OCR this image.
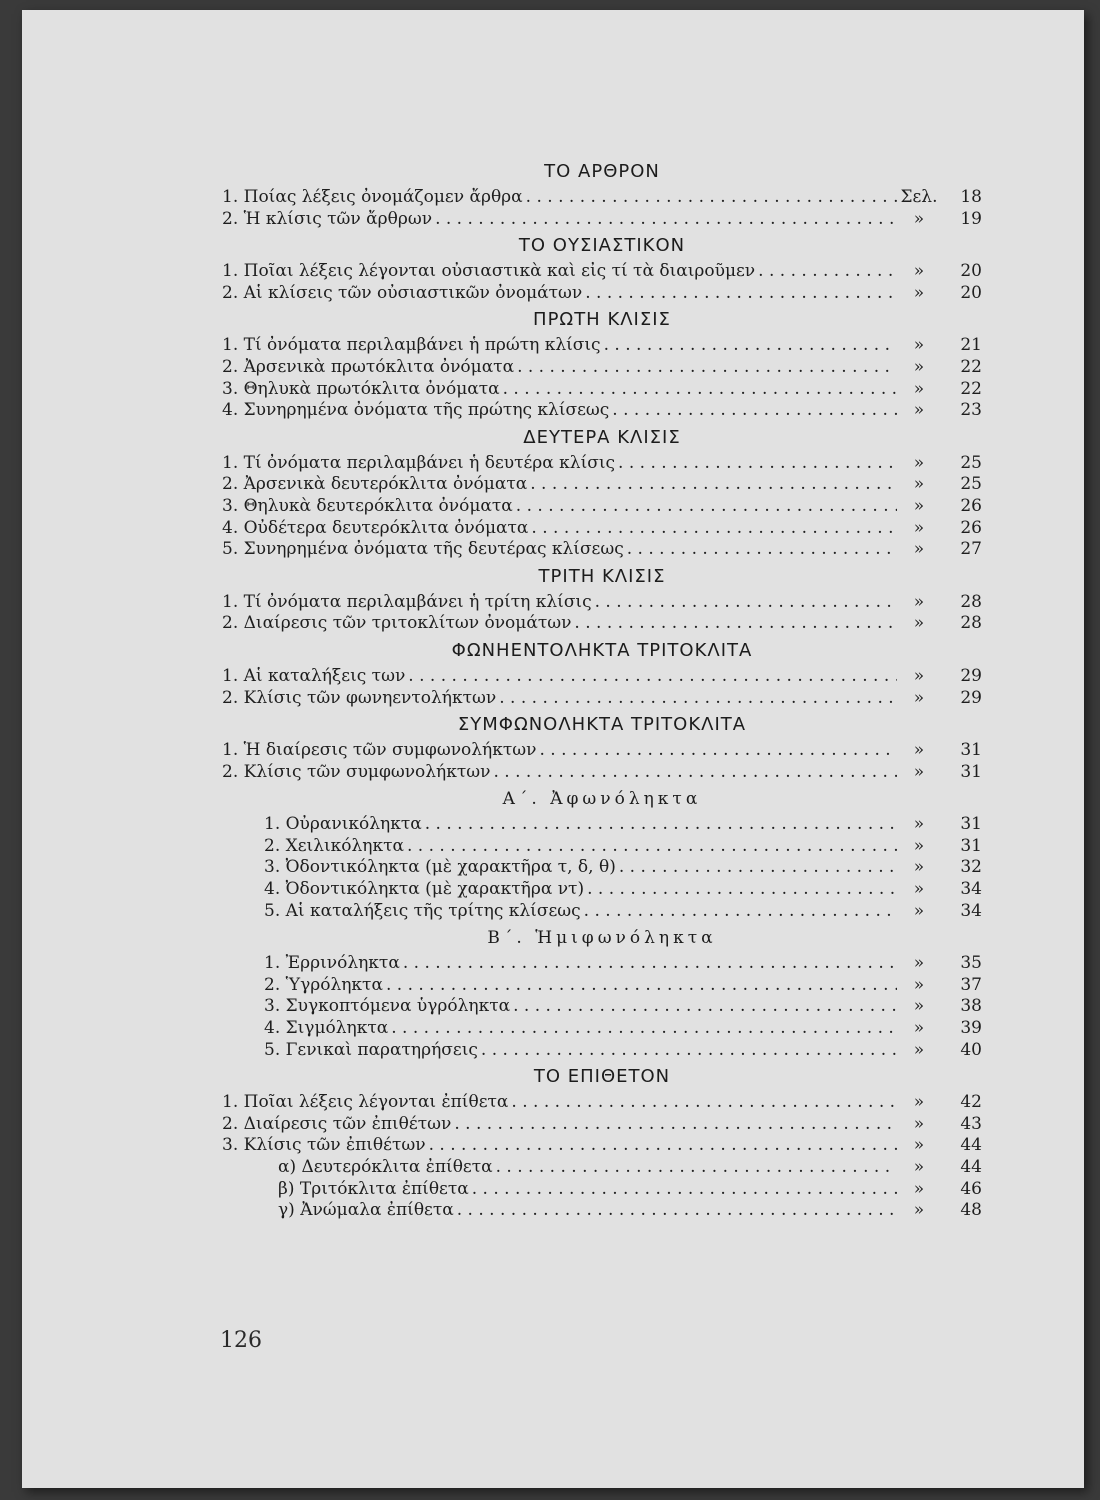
ΤΟ ΑΡΘΡΟΝ
1. Ποίας λέξεις ὀνομάζομεν ἄρθρα . . .	Σελ.	18
2. Ἡ κλίσις τῶν ἄρθρων . . .	»	19
ΤΟ ΟΥΣΙΑΣΤΙΚΟΝ
1. Ποῖαι λέξεις λέγονται οὐσιαστικὰ καὶ εἰς τί τὰ διαιροῦμεν . . .	»	20
2. Αἱ κλίσεις τῶν οὐσιαστικῶν ὀνομάτων . . .	»	20
ΠΡΩΤΗ ΚΛΙΣΙΣ
1. Τί ὀνόματα περιλαμβάνει ἡ πρώτη κλίσις . . .	»	21
2. Ἀρσενικὰ πρωτόκλιτα ὀνόματα . . .	»	22
3. Θηλυκὰ πρωτόκλιτα ὀνόματα . . .	»	22
4. Συνηρημένα ὀνόματα τῆς πρώτης κλίσεως . . .	»	23
ΔΕΥΤΕΡΑ ΚΛΙΣΙΣ
1. Τί ὀνόματα περιλαμβάνει ἡ δευτέρα κλίσις . . .	»	25
2. Ἀρσενικὰ δευτερόκλιτα ὀνόματα . . .	»	25
3. Θηλυκὰ δευτερόκλιτα ὀνόματα . . .	»	26
4. Οὐδέτερα δευτερόκλιτα ὀνόματα . . .	»	26
5. Συνηρημένα ὀνόματα τῆς δευτέρας κλίσεως . . .	»	27
ΤΡΙΤΗ ΚΛΙΣΙΣ
1. Τί ὀνόματα περιλαμβάνει ἡ τρίτη κλίσις . . .	»	28
2. Διαίρεσις τῶν τριτοκλίτων ὀνομάτων . . .	»	28
ΦΩΝΗΕΝΤΟΛΗΚΤΑ ΤΡΙΤΟΚΛΙΤΑ
1. Αἱ καταλήξεις των . . .	»	29
2. Κλίσις τῶν φωνηεντολήκτων . . .	»	29
ΣΥΜΦΩΝΟΛΗΚΤΑ ΤΡΙΤΟΚΛΙΤΑ
1. Ἡ διαίρεσις τῶν συμφωνολήκτων . . .	»	31
2. Κλίσις τῶν συμφωνολήκτων . . .	»	31
Α΄. Ἀφωνόληκτα
1. Οὐρανικόληκτα . . .	»	31
2. Χειλικόληκτα . . .	»	31
3. Ὀδοντικόληκτα (μὲ χαρακτῆρα τ, δ, θ) . . .	»	32
4. Ὀδοντικόληκτα (μὲ χαρακτῆρα ντ) . . .	»	34
5. Αἱ καταλήξεις τῆς τρίτης κλίσεως . . .	»	34
Β΄. Ἡμιφωνόληκτα
1. Ἐρρινόληκτα . . .	»	35
2. Ὑγρόληκτα . . .	»	37
3. Συγκοπτόμενα ὑγρόληκτα . . .	»	38
4. Σιγμόληκτα . . .	»	39
5. Γενικαὶ παρατηρήσεις . . .	»	40
ΤΟ ΕΠΙΘΕΤΟΝ
1. Ποῖαι λέξεις λέγονται ἐπίθετα . . .	»	42
2. Διαίρεσις τῶν ἐπιθέτων . . .	»	43
3. Κλίσις τῶν ἐπιθέτων . . .	»	44
α) Δευτερόκλιτα ἐπίθετα . . .	»	44
β) Τριτόκλιτα ἐπίθετα . . .	»	46
γ) Ἀνώμαλα ἐπίθετα . . .	»	48
126
